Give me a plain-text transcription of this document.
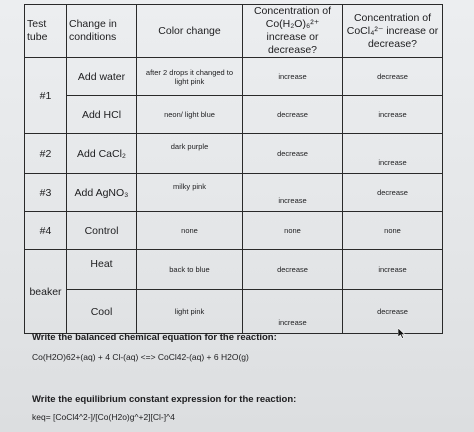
Test tube	Change in conditions	Color change	Concentration of Co(H₂O)₆²⁺ increase or decrease?	Concentration of CoCl₄²⁻ increase or decrease?
#1	Add water	after 2 drops it changed to light pink	increase	decrease
	Add HCl	neon/ light blue	decrease	increase
#2	Add CaCl₂	dark purple	decrease	increase
#3	Add AgNO₃	milky pink	increase	decrease
#4	Control	none	none	none
beaker	Heat	back to blue	decrease	increase
	Cool	light pink	increase	decrease
Write the balanced chemical equation for the reaction:
Co(H2O)62+(aq) + 4 Cl-(aq) <=> CoCl42-(aq) + 6 H2O(g)
Write the equilibrium constant expression for the reaction:
keq= [CoCl4^2-]/[Co(H2o)g^+2][Cl-]^4
